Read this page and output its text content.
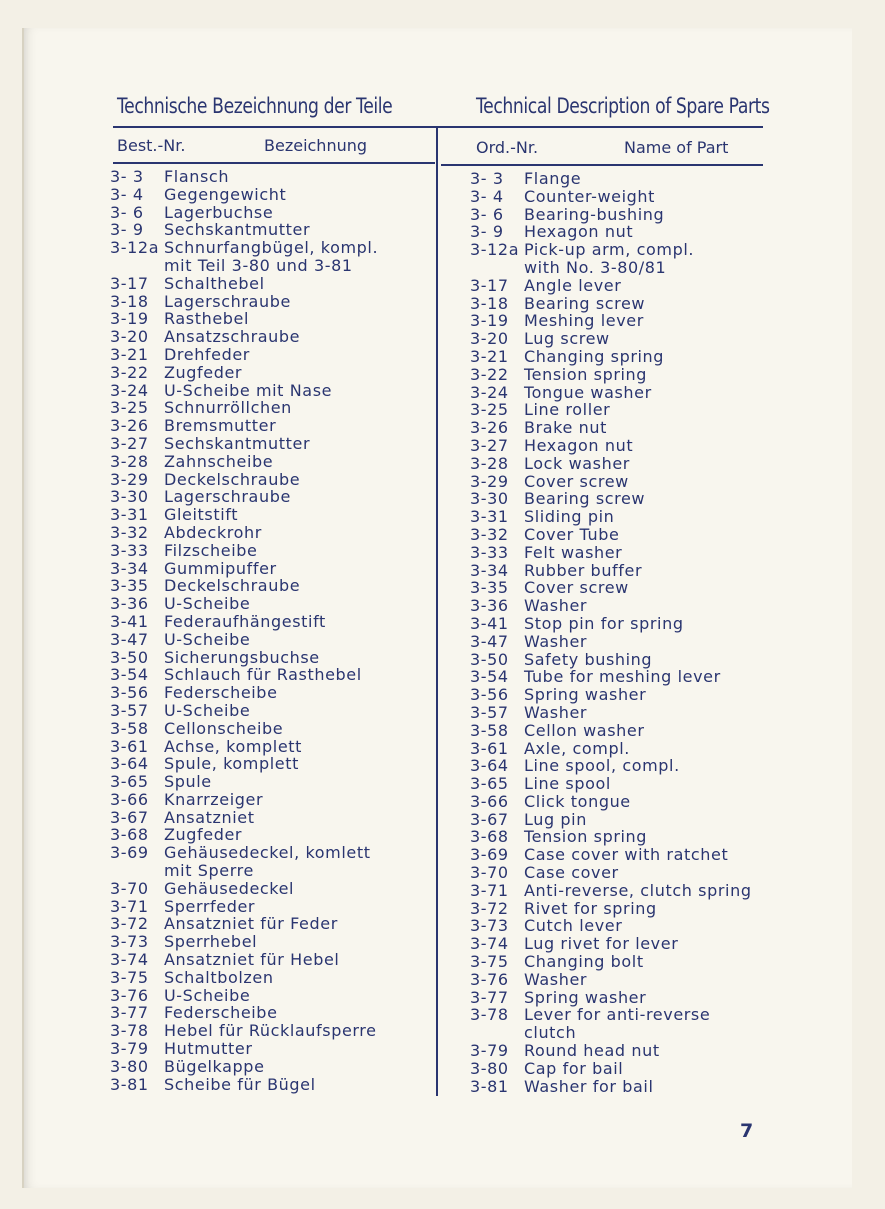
Technische Bezeichnung der Teile	Technical Description of Spare Parts
Best.-Nr.	Bezeichnung	Ord.-Nr.	Name of Part
3- 3	Flansch
3- 4	Gegengewicht
3- 6	Lagerbuchse
3- 9	Sechskantmutter
3-12a Schnurfangbügel, kompl.
mit Teil 3-80 und 3-81
3-17 Schalthebel
3-18 Lagerschraube
3-19 Rasthebel
3-20 Ansatzschraube
3-21 Drehfeder
3-22 Zugfeder
3-24 U-Scheibe mit Nase
3-25 Schnurröllchen
3-26 Bremsmutter
3-27 Sechskantmutter
3-28 Zahnscheibe
3-29 Deckelschraube
3-30 Lagerschraube
3-31 Gleitstift
3-32 Abdeckrohr
3-33 Filzscheibe
3-34 Gummipuffer
3-35 Deckelschraube
3-36 U-Scheibe
3-41 Federaufhängestift
3-47 U-Scheibe
3-50 Sicherungsbuchse
3-54 Schlauch für Rasthebel
3-56 Federscheibe
3-57 U-Scheibe
3-58 Cellonscheibe
3-61 Achse, komplett
3-64 Spule, komplett
3-65 Spule
3-66 Knarrzeiger
3-67 Ansatzniet
3-68 Zugfeder
3-69 Gehäusedeckel, komlett
mit Sperre
3-70 Gehäusedeckel
3-71 Sperrfeder
3-72 Ansatzniet für Feder
3-73 Sperrhebel
3-74 Ansatzniet für Hebel
3-75 Schaltbolzen
3-76 U-Scheibe
3-77 Federscheibe
3-78 Hebel für Rücklaufsperre
3-79 Hutmutter
3-80 Bügelkappe
3-81 Scheibe für Bügel
3- 3	Flange
3- 4	Counter-weight
3- 6	Bearing-bushing
3- 9	Hexagon nut
3-12a Pick-up arm, compl.
with No. 3-80/81
3-17 Angle lever
3-18 Bearing screw
3-19 Meshing lever
3-20 Lug screw
3-21 Changing spring
3-22 Tension spring
3-24 Tongue washer
3-25 Line roller
3-26 Brake nut
3-27 Hexagon nut
3-28 Lock washer
3-29 Cover screw
3-30 Bearing screw
3-31 Sliding pin
3-32 Cover Tube
3-33 Felt washer
3-34 Rubber buffer
3-35 Cover screw
3-36 Washer
3-41 Stop pin for spring
3-47 Washer
3-50 Safety bushing
3-54 Tube for meshing lever
3-56 Spring washer
3-57 Washer
3-58 Cellon washer
3-61 Axle, compl.
3-64 Line spool, compl.
3-65 Line spool
3-66 Click tongue
3-67 Lug pin
3-68 Tension spring
3-69 Case cover with ratchet
3-70 Case cover
3-71 Anti-reverse, clutch spring
3-72 Rivet for spring
3-73 Cutch lever
3-74 Lug rivet for lever
3-75 Changing bolt
3-76 Washer
3-77 Spring washer
3-78 Lever for anti-reverse
clutch
3-79 Round head nut
3-80 Cap for bail
3-81 Washer for bail
7
